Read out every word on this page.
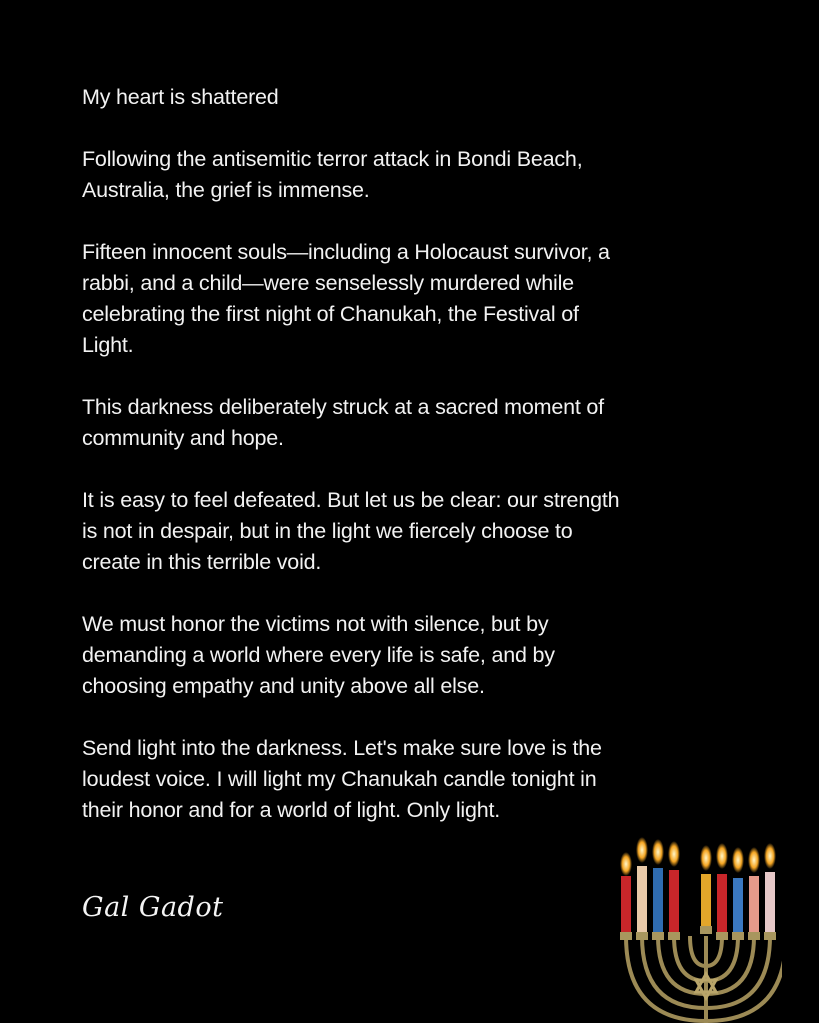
My heart is shattered

Following the antisemitic terror attack in Bondi Beach,
Australia, the grief is immense.

Fifteen innocent souls—including a Holocaust survivor, a
rabbi, and a child—were senselessly murdered while
celebrating the first night of Chanukah, the Festival of
Light.

This darkness deliberately struck at a sacred moment of
community and hope.

It is easy to feel defeated. But let us be clear: our strength
is not in despair, but in the light we fiercely choose to
create in this terrible void.

We must honor the victims not with silence, but by
demanding a world where every life is safe, and by
choosing empathy and unity above all else.

Send light into the darkness. Let's make sure love is the
loudest voice. I will light my Chanukah candle tonight in
their honor and for a world of light. Only light.

Gal Gadot
